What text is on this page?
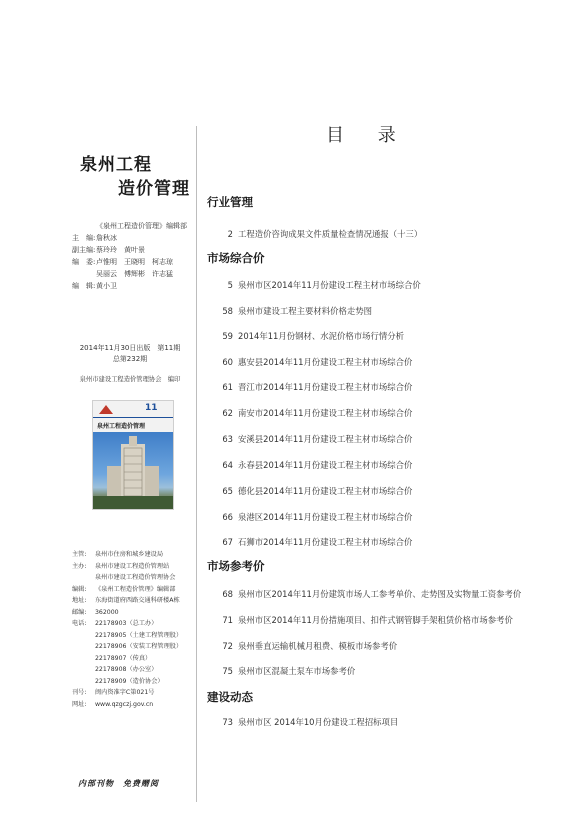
泉州工程
造价管理
《泉州工程造价管理》编辑部
主　编:詹秋冰
副主编:蔡玲玲　黄叶景
编　委:卢惟明　王晓明　柯志琼
吴丽云　傅辉彬　许志猛
编　辑:黄小卫
2014年11月30日出版　第11期
总第232期
泉州市建设工程造价管理协会　编印
11
泉州工程造价管理
主管: 泉州市住房和城乡建设局
主办: 泉州市建设工程造价管理站
泉州市建设工程造价管理协会
编辑: 《泉州工程造价管理》编辑部
地址: 东海街道府西路交通科研楼A栋
邮编: 362000
电话: 22178903（总工办）
22178905（土建工程管理股）
22178906（安装工程管理股）
22178907（传真）
22178908（办公室）
22178909（造价协会）
刊号: 闽内资准字C第021号
网址: www.qzgczj.gov.cn
内部刊物　免费赠阅
目 录
行业管理
2 工程造价咨询成果文件质量检查情况通报（十三）
市场综合价
5 泉州市区2014年11月份建设工程主材市场综合价
58 泉州市建设工程主要材料价格走势图
59 2014年11月份钢材、水泥价格市场行情分析
60 惠安县2014年11月份建设工程主材市场综合价
61 晋江市2014年11月份建设工程主材市场综合价
62 南安市2014年11月份建设工程主材市场综合价
63 安溪县2014年11月份建设工程主材市场综合价
64 永春县2014年11月份建设工程主材市场综合价
65 德化县2014年11月份建设工程主材市场综合价
66 泉港区2014年11月份建设工程主材市场综合价
67 石狮市2014年11月份建设工程主材市场综合价
市场参考价
68 泉州市区2014年11月份建筑市场人工参考单价、走势图及实物量工资参考价
71 泉州市区2014年11月份措施项目、扣件式钢管脚手架租赁价格市场参考价
72 泉州垂直运输机械月租费、模板市场参考价
75 泉州市区混凝土泵车市场参考价
建设动态
73 泉州市区 2014年10月份建设工程招标项目
